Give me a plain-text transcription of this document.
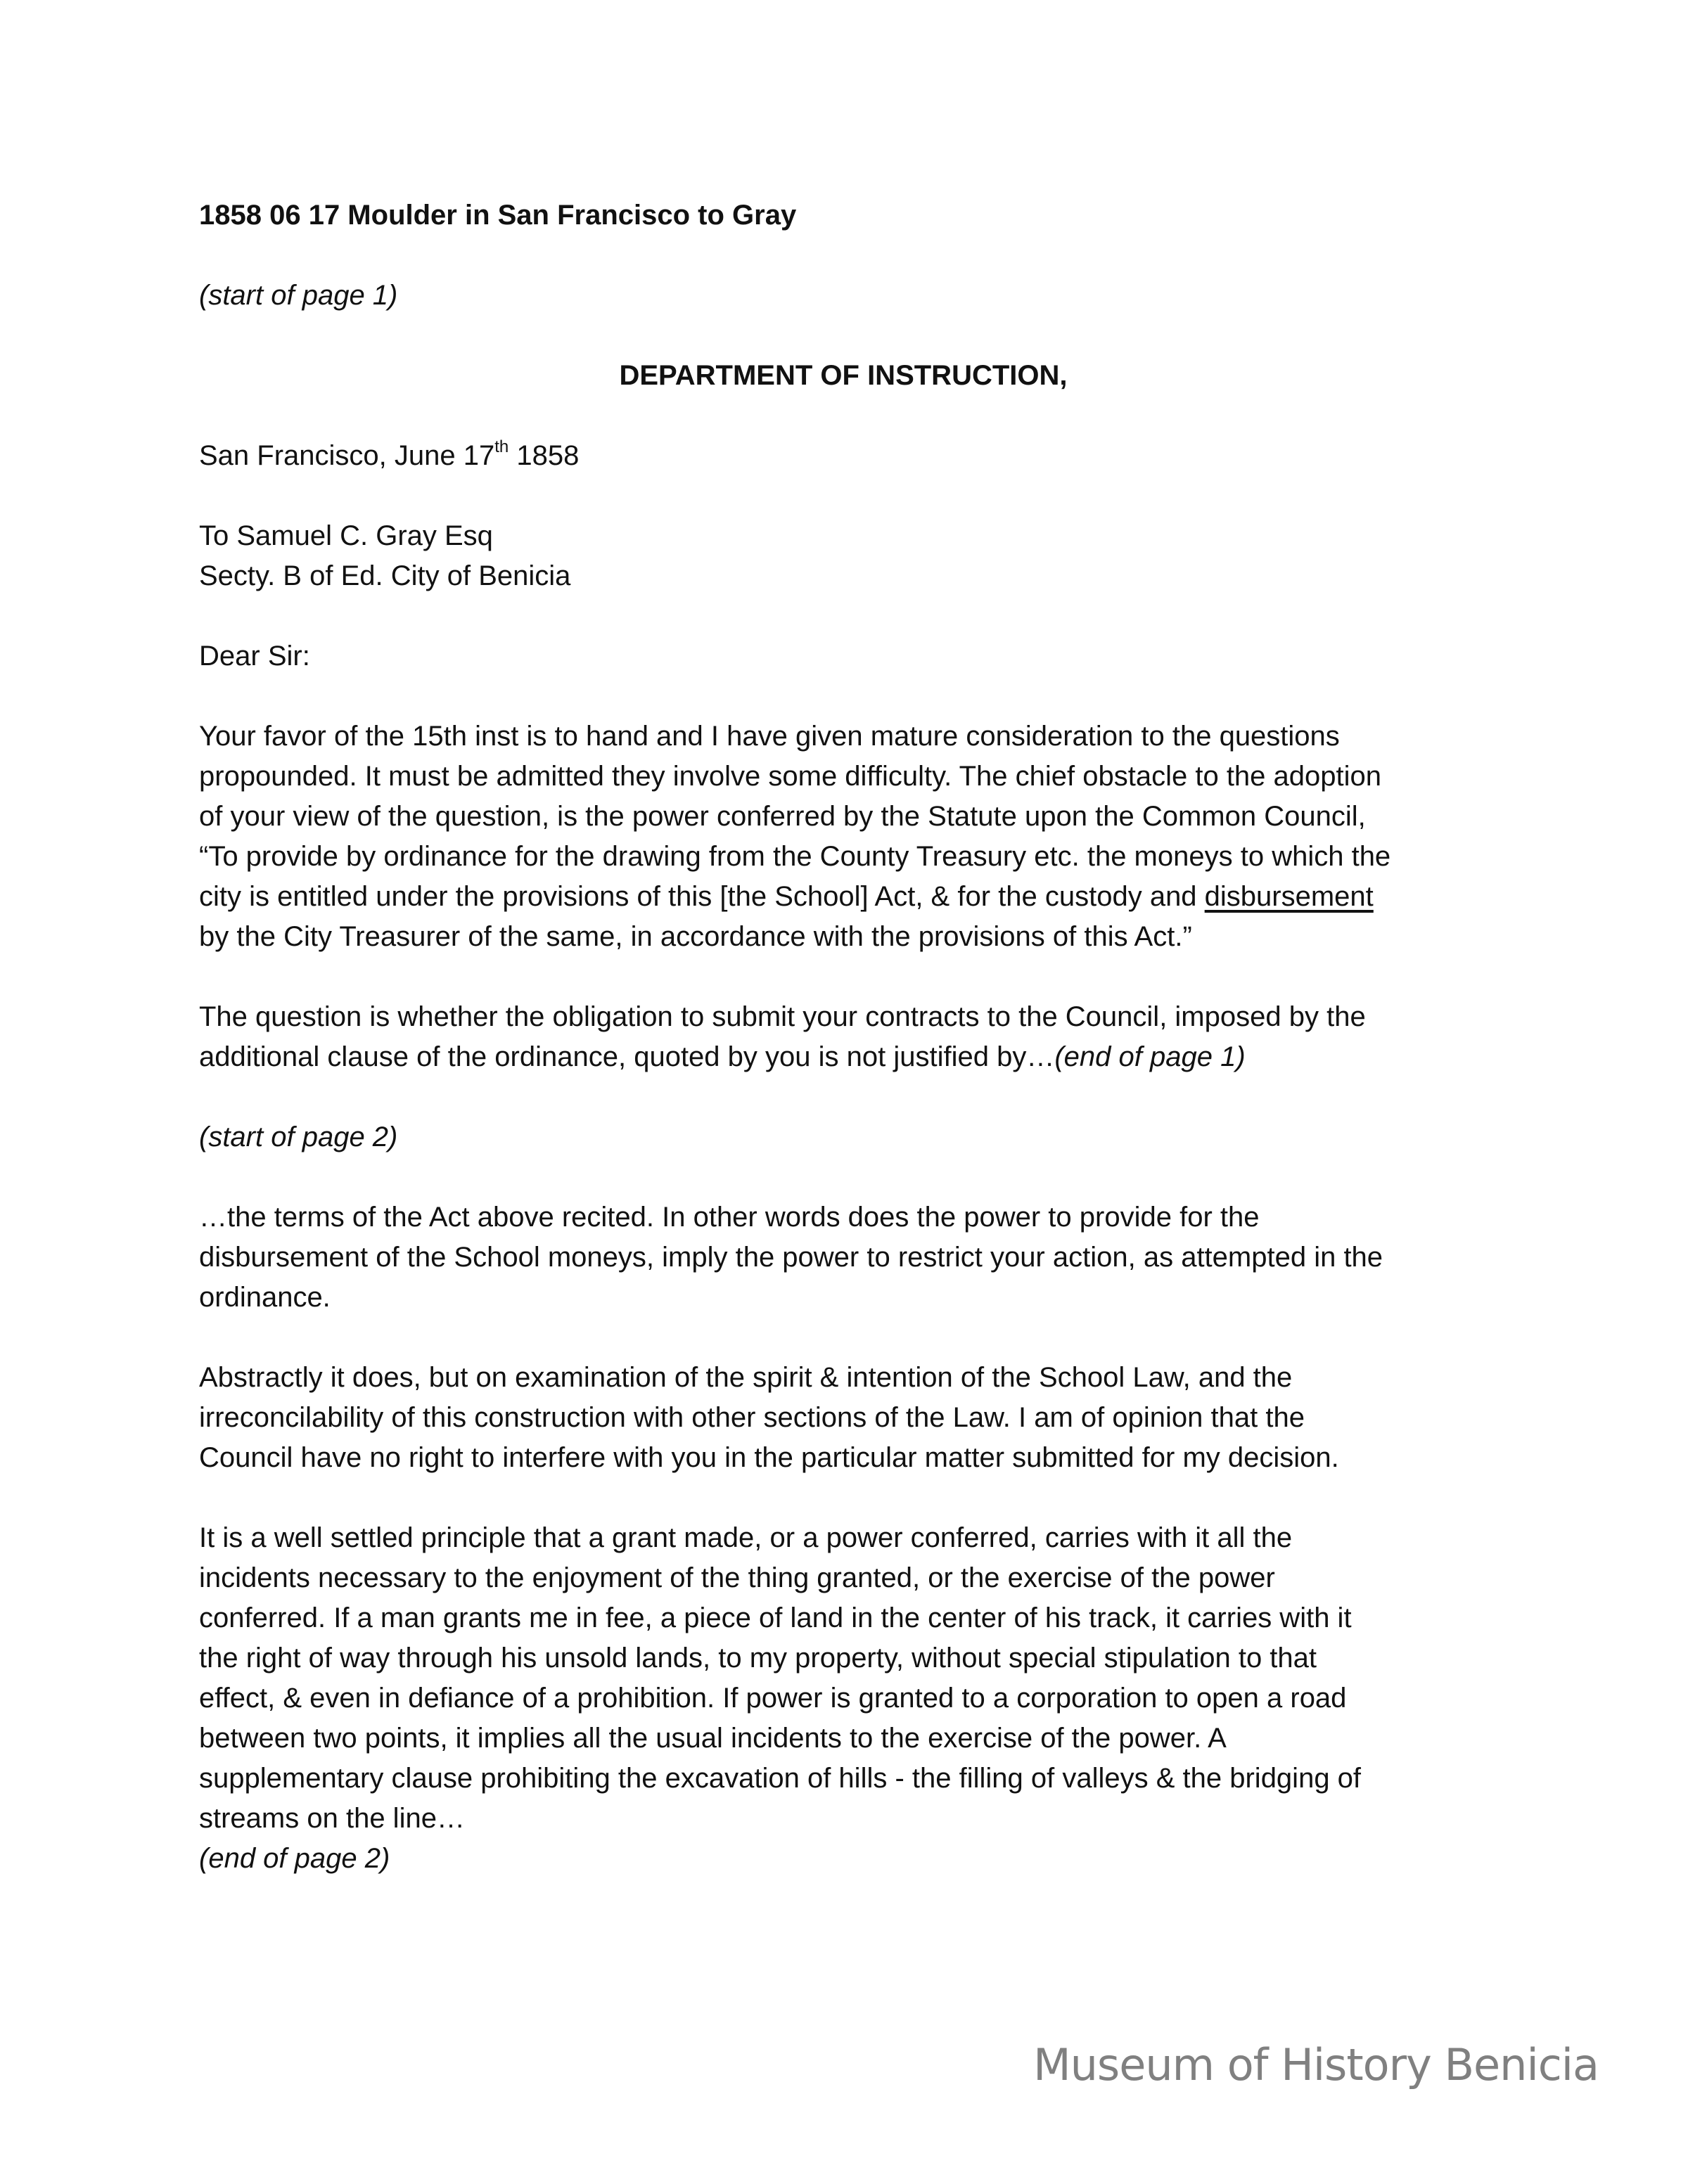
1858 06 17 Moulder in San Francisco to Gray
(start of page 1)
DEPARTMENT OF INSTRUCTION,
San Francisco, June 17th 1858
To Samuel C. Gray Esq
Secty. B of Ed. City of Benicia
Dear Sir:
Your favor of the 15th inst is to hand and I have given mature consideration to the questions
propounded. It must be admitted they involve some difficulty. The chief obstacle to the adoption
of your view of the question, is the power conferred by the Statute upon the Common Council,
“To provide by ordinance for the drawing from the County Treasury etc. the moneys to which the
city is entitled under the provisions of this [the School] Act, & for the custody and disbursement
by the City Treasurer of the same, in accordance with the provisions of this Act.”
The question is whether the obligation to submit your contracts to the Council, imposed by the
additional clause of the ordinance, quoted by you is not justified by…(end of page 1)
(start of page 2)
…the terms of the Act above recited. In other words does the power to provide for the
disbursement of the School moneys, imply the power to restrict your action, as attempted in the
ordinance.
Abstractly it does, but on examination of the spirit & intention of the School Law, and the
irreconcilability of this construction with other sections of the Law. I am of opinion that the
Council have no right to interfere with you in the particular matter submitted for my decision.
It is a well settled principle that a grant made, or a power conferred, carries with it all the
incidents necessary to the enjoyment of the thing granted, or the exercise of the power
conferred. If a man grants me in fee, a piece of land in the center of his track, it carries with it
the right of way through his unsold lands, to my property, without special stipulation to that
effect, & even in defiance of a prohibition. If power is granted to a corporation to open a road
between two points, it implies all the usual incidents to the exercise of the power. A
supplementary clause prohibiting the excavation of hills - the filling of valleys & the bridging of
streams on the line…
(end of page 2)
Museum of History Benicia
